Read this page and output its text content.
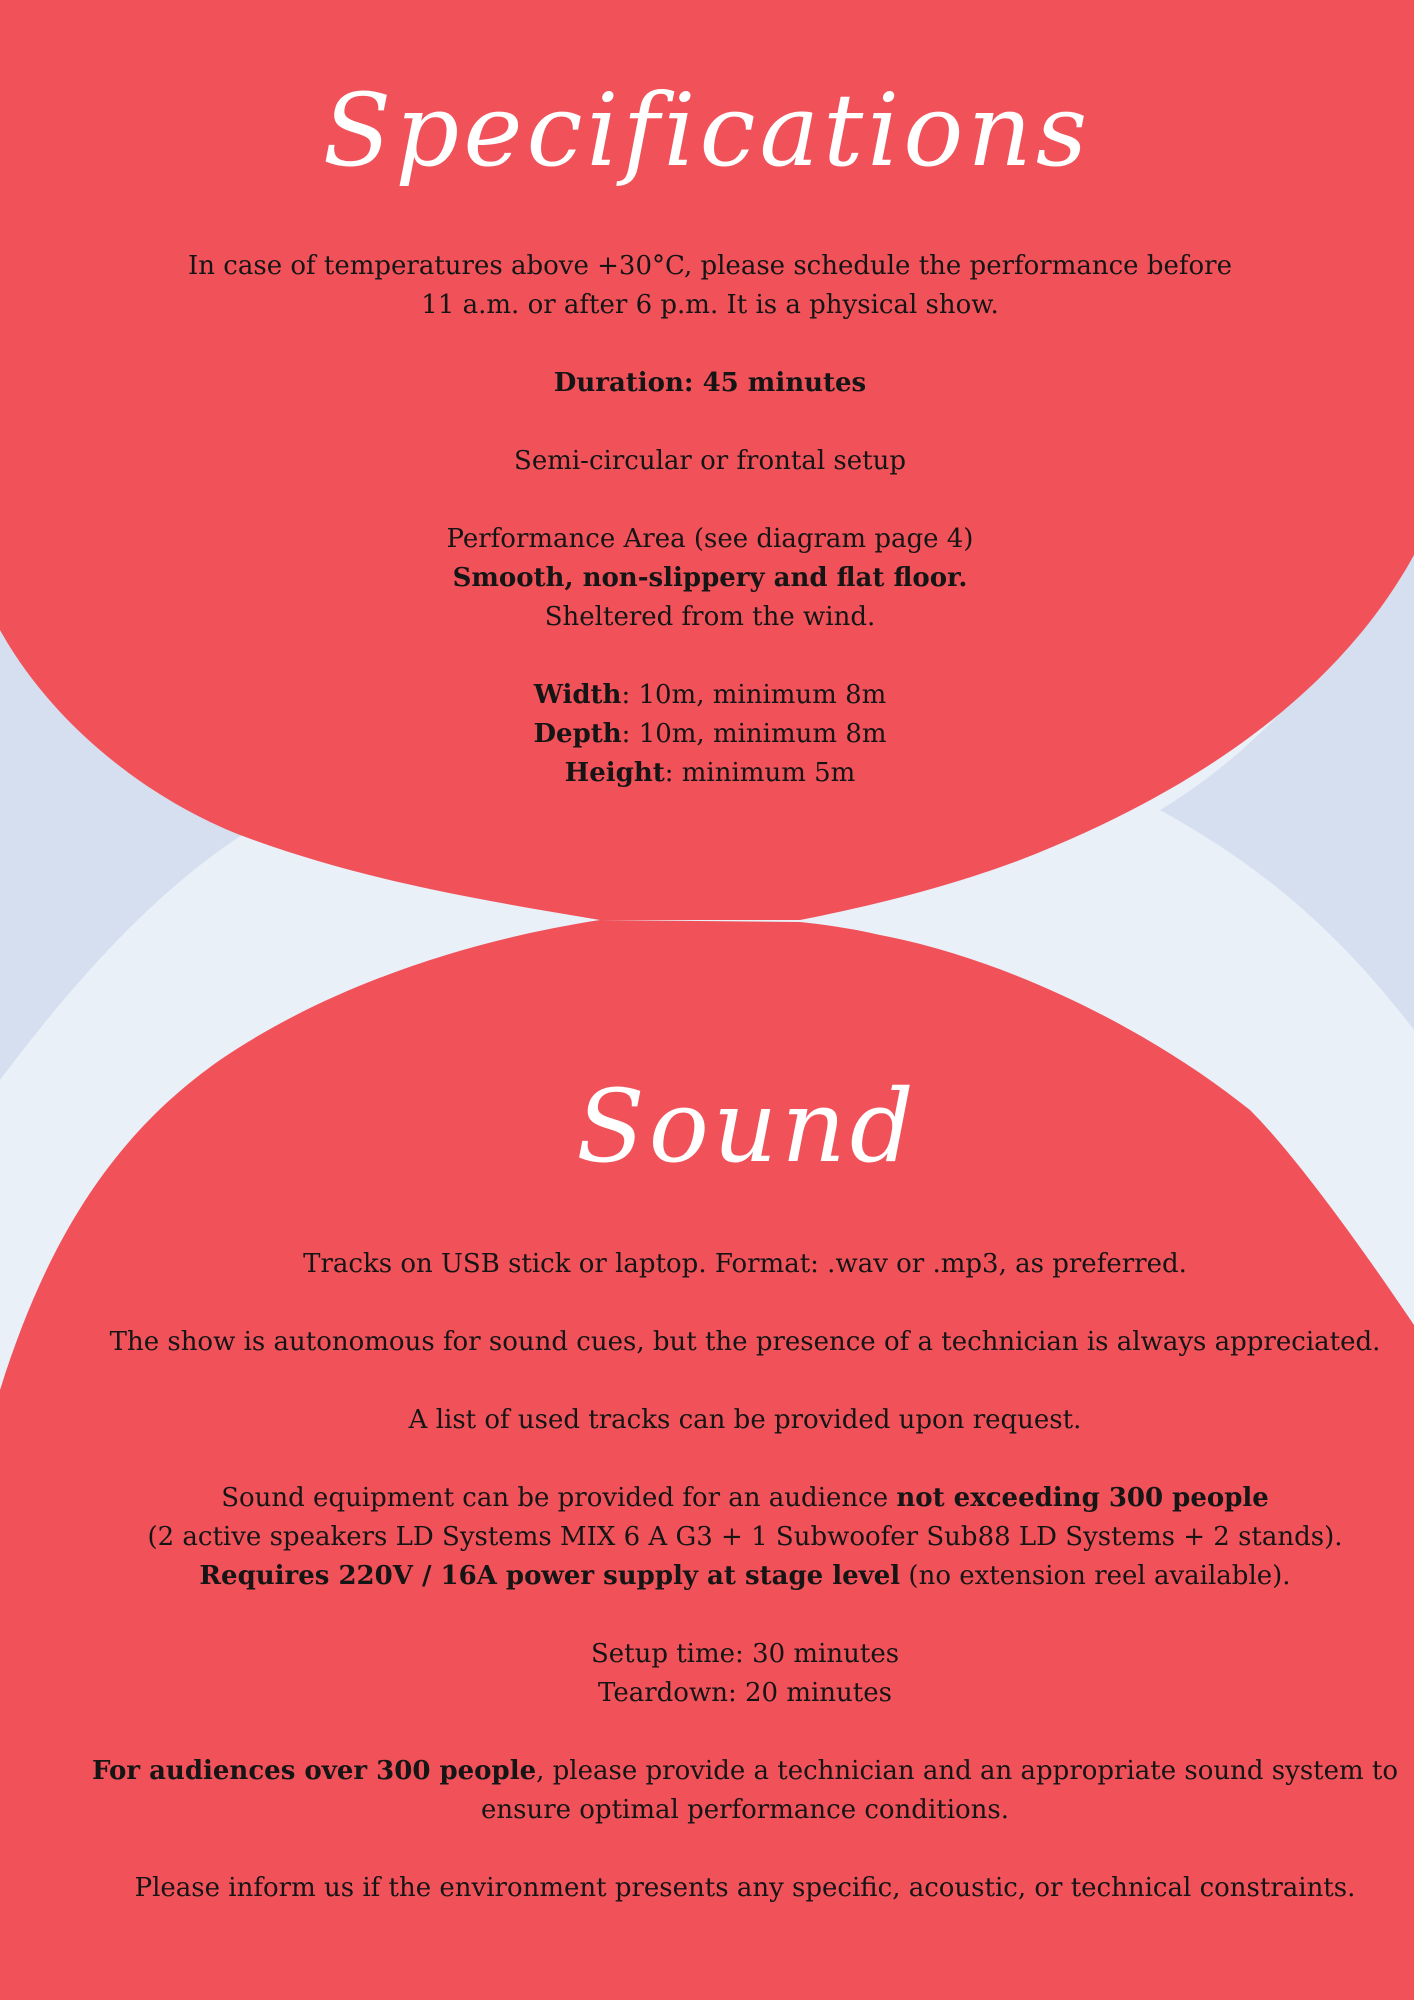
Specifications

In case of temperatures above +30°C, please schedule the performance before 11 a.m. or after 6 p.m. It is a physical show.

Duration: 45 minutes

Semi-circular or frontal setup

Performance Area (see diagram page 4)

Smooth, non-slippery and flat floor.

Sheltered from the wind.

Width: 10m, minimum 8m

Depth: 10m, minimum 8m

Height: minimum 5m

Sound

Tracks on USB stick or laptop. Format: .wav or .mp3, as preferred.

The show is autonomous for sound cues, but the presence of a technician is always appreciated.

A list of used tracks can be provided upon request.

Sound equipment can be provided for an audience not exceeding 300 people

(2 active speakers LD Systems MIX 6 A G3 + 1 Subwoofer Sub88 LD Systems + 2 stands).

Requires 220V / 16A power supply at stage level (no extension reel available).

Setup time: 30 minutes

Teardown: 20 minutes

For audiences over 300 people, please provide a technician and an appropriate sound system to ensure optimal performance conditions.

Please inform us if the environment presents any specific, acoustic, or technical constraints.
